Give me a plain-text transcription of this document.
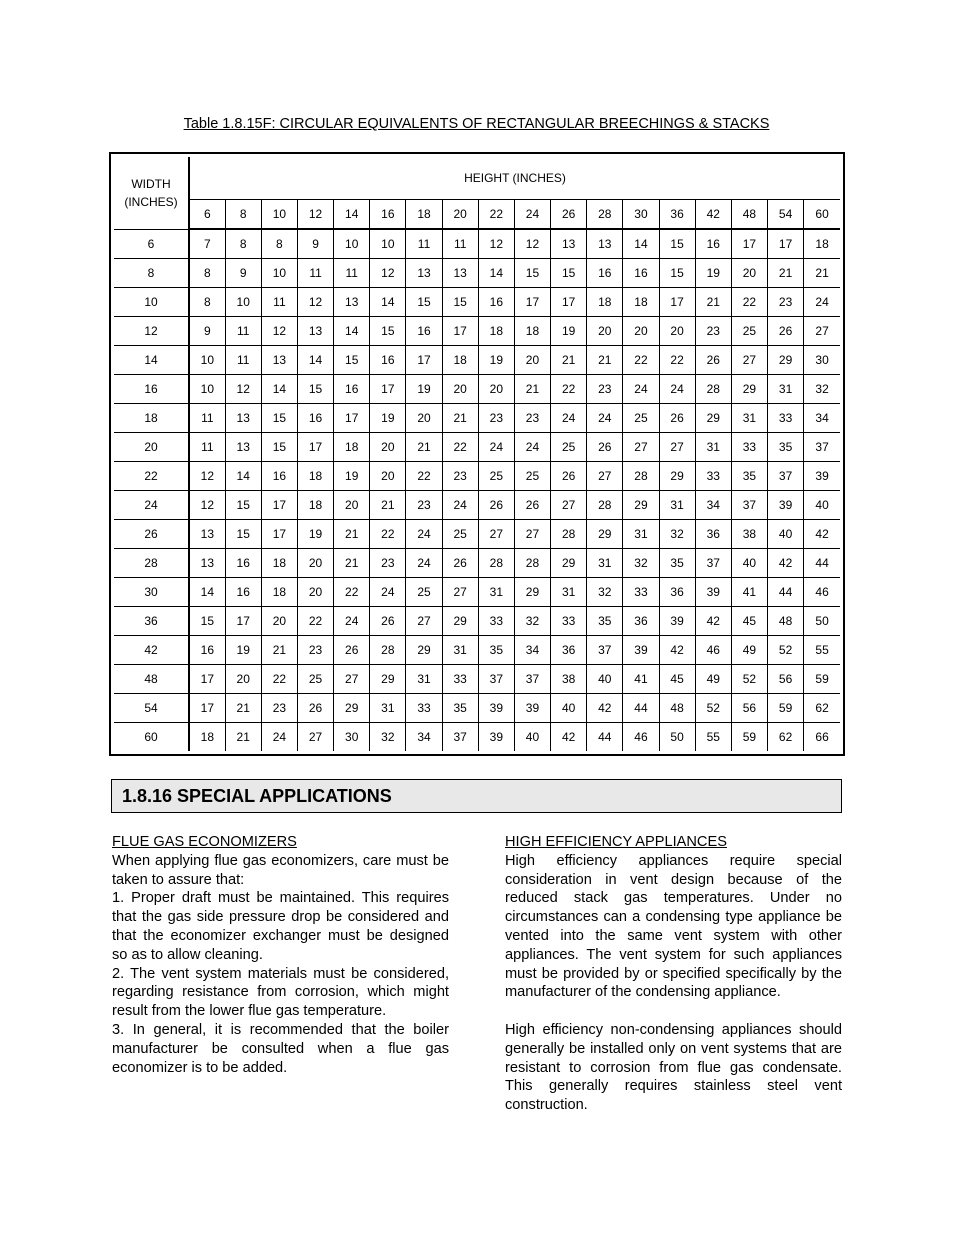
Table 1.8.15F: CIRCULAR EQUIVALENTS OF RECTANGULAR BREECHINGS & STACKS
WIDTH
(INCHES)	HEIGHT (INCHES)																	
	6	8	10	12	14	16	18	20	22	24	26	28	30	36	42	48	54	60
6	7	8	8	9	10	10	11	11	12	12	13	13	14	15	16	17	17	18
8	8	9	10	11	11	12	13	13	14	15	15	16	16	15	19	20	21	21
10	8	10	11	12	13	14	15	15	16	17	17	18	18	17	21	22	23	24
12	9	11	12	13	14	15	16	17	18	18	19	20	20	20	23	25	26	27
14	10	11	13	14	15	16	17	18	19	20	21	21	22	22	26	27	29	30
16	10	12	14	15	16	17	19	20	20	21	22	23	24	24	28	29	31	32
18	11	13	15	16	17	19	20	21	23	23	24	24	25	26	29	31	33	34
20	11	13	15	17	18	20	21	22	24	24	25	26	27	27	31	33	35	37
22	12	14	16	18	19	20	22	23	25	25	26	27	28	29	33	35	37	39
24	12	15	17	18	20	21	23	24	26	26	27	28	29	31	34	37	39	40
26	13	15	17	19	21	22	24	25	27	27	28	29	31	32	36	38	40	42
28	13	16	18	20	21	23	24	26	28	28	29	31	32	35	37	40	42	44
30	14	16	18	20	22	24	25	27	31	29	31	32	33	36	39	41	44	46
36	15	17	20	22	24	26	27	29	33	32	33	35	36	39	42	45	48	50
42	16	19	21	23	26	28	29	31	35	34	36	37	39	42	46	49	52	55
48	17	20	22	25	27	29	31	33	37	37	38	40	41	45	49	52	56	59
54	17	21	23	26	29	31	33	35	39	39	40	42	44	48	52	56	59	62
60	18	21	24	27	30	32	34	37	39	40	42	44	46	50	55	59	62	66
1.8.16 SPECIAL APPLICATIONS
FLUE GAS ECONOMIZERS

When applying flue gas economizers, care must be taken to assure that:

1. Proper draft must be maintained. This requires that the gas side pressure drop be considered and that the economizer exchanger must be designed so as to allow cleaning.

2. The vent system materials must be considered, regarding resistance from corrosion, which might result from the lower flue gas temperature.

3. In general, it is recommended that the boiler manufacturer be consulted when a flue gas economizer is to be added.

HIGH EFFICIENCY APPLIANCES

High efficiency appliances require special consideration in vent design because of the reduced stack gas temperatures. Under no circumstances can a condensing type appliance be vented into the same vent system with other appliances. The vent system for such appliances must be provided by or specified specifically by the manufacturer of the condensing appliance.

High efficiency non-condensing appliances should generally be installed only on vent systems that are resistant to corrosion from flue gas condensate. This generally requires stainless steel vent construction.
